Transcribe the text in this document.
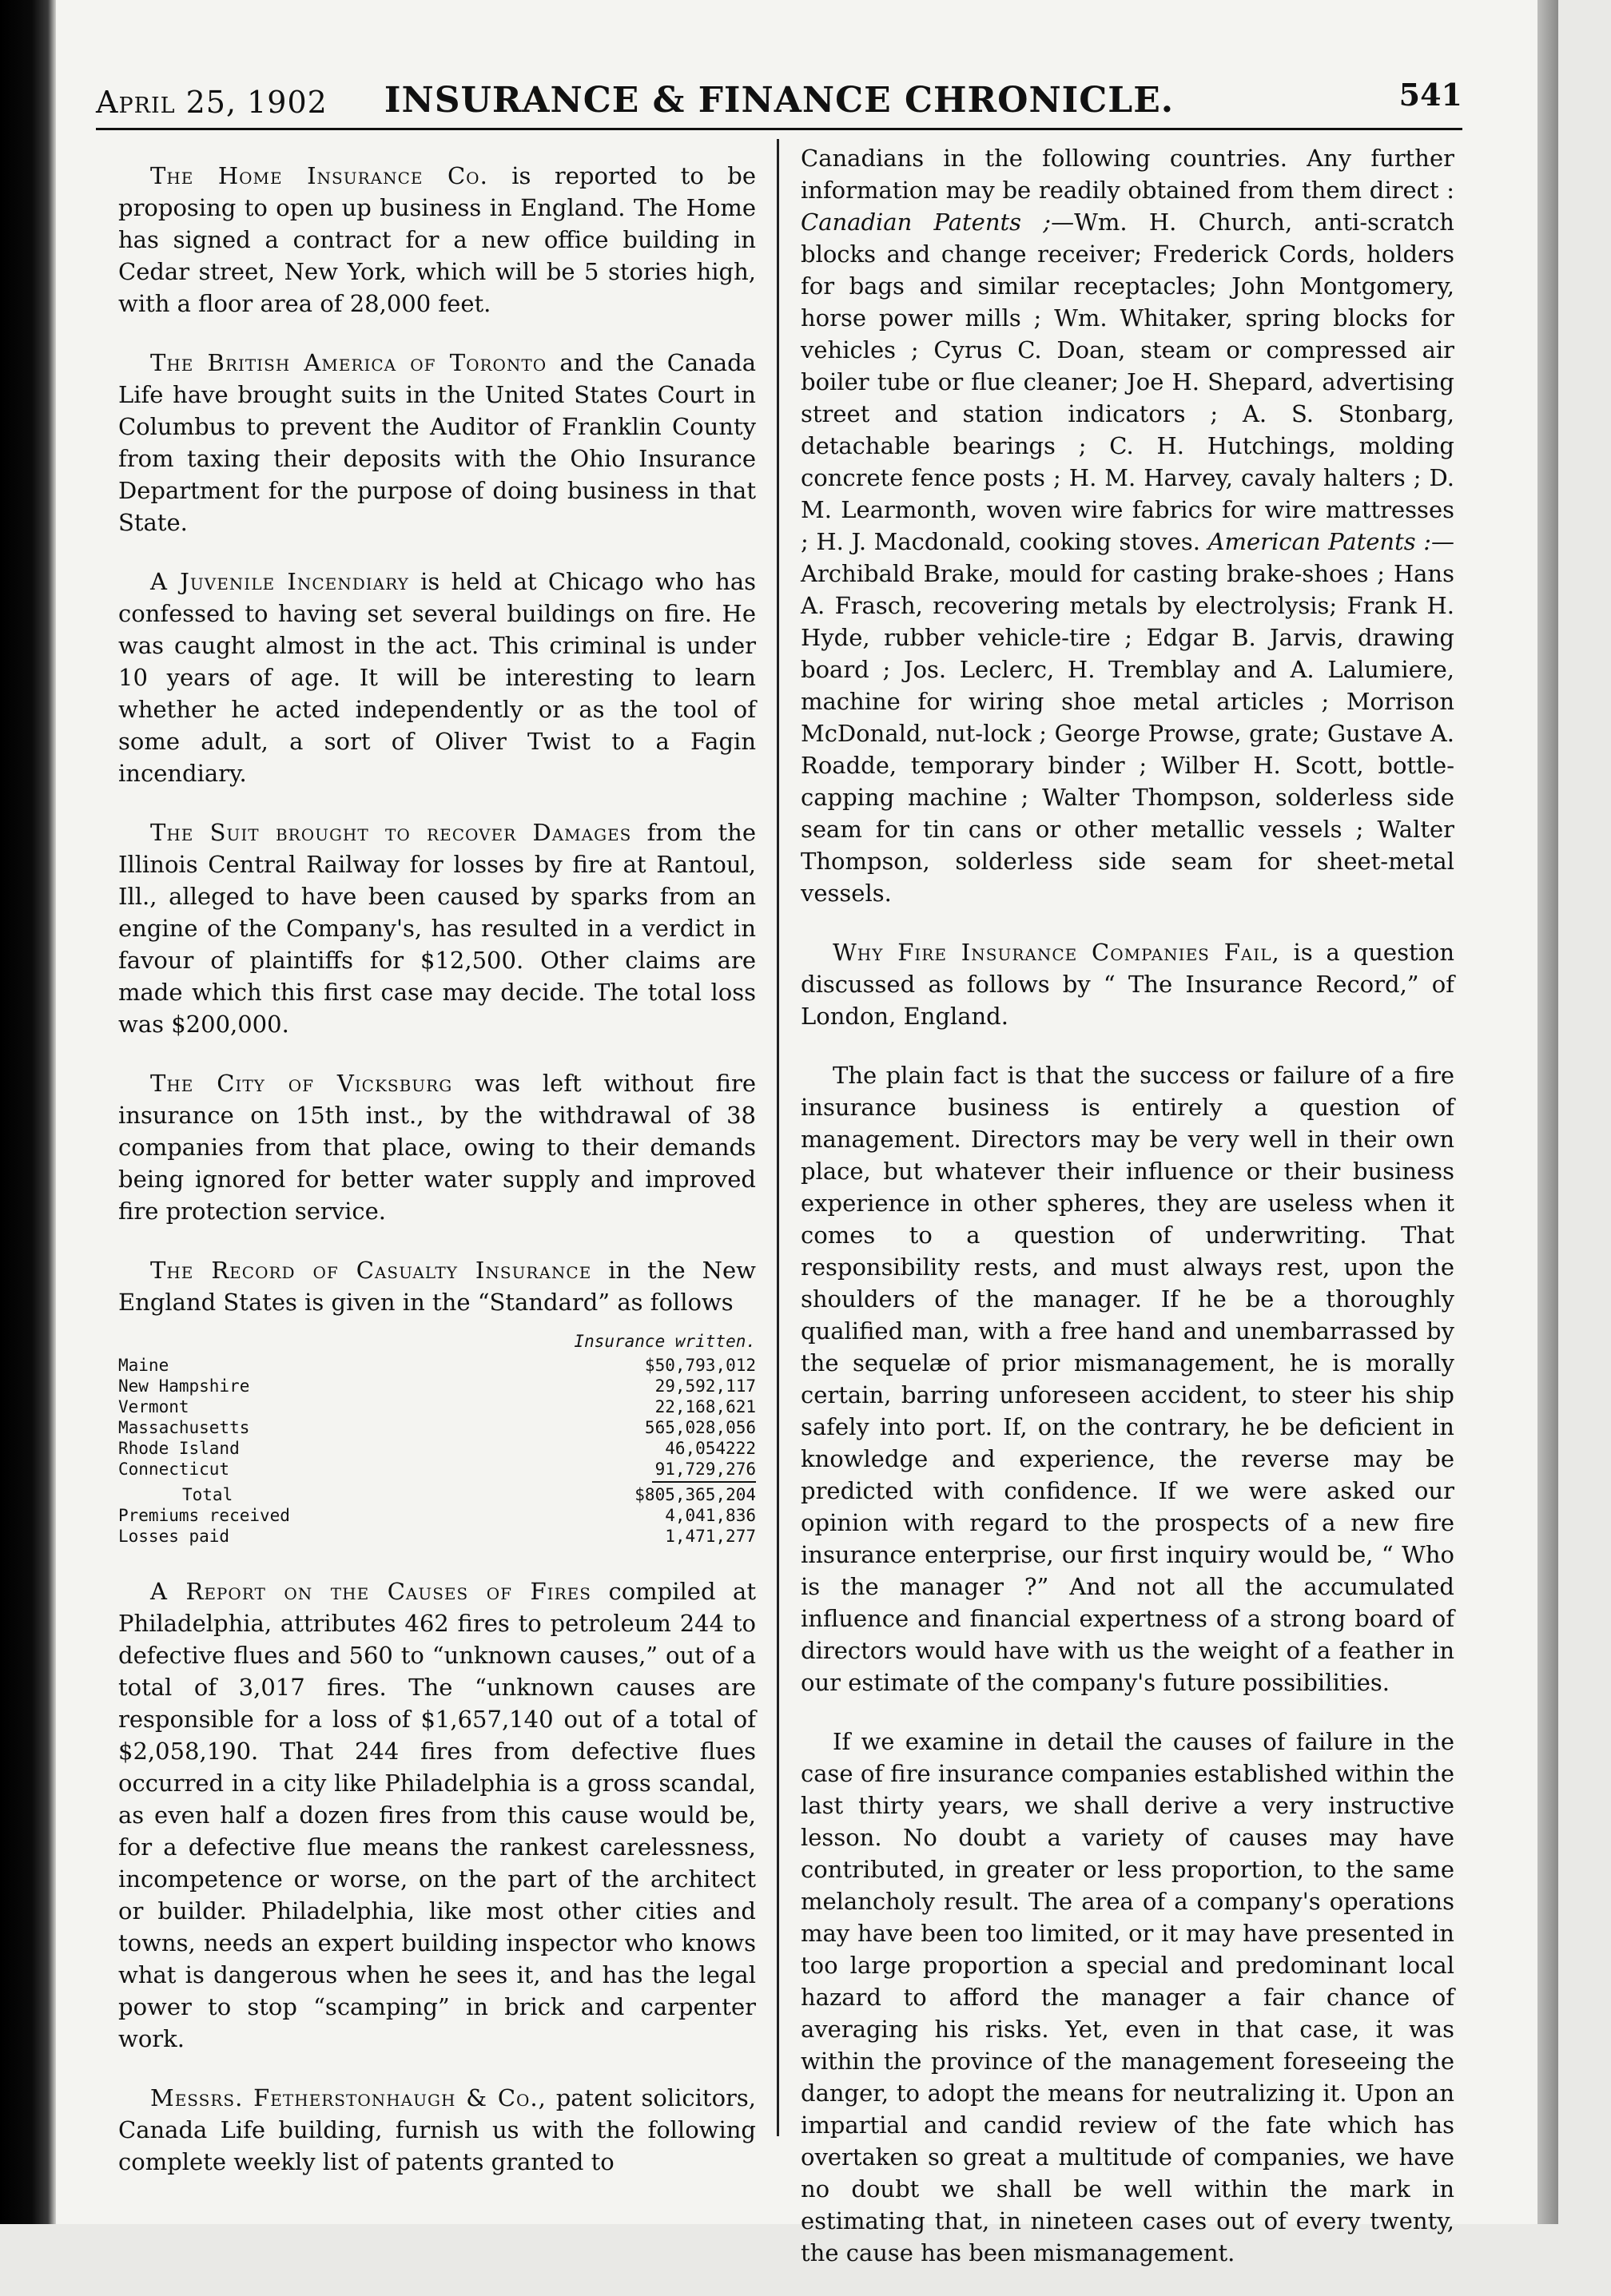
April 25, 1902	INSURANCE & FINANCE CHRONICLE.	541

The Home Insurance Co. is reported to be proposing to open up business in England. The Home has signed a contract for a new office building in Cedar street, New York, which will be 5 stories high, with a floor area of 28,000 feet.

The British America of Toronto and the Canada Life have brought suits in the United States Court in Columbus to prevent the Auditor of Franklin County from taxing their deposits with the Ohio Insurance Department for the purpose of doing business in that State.

A Juvenile Incendiary is held at Chicago who has confessed to having set several buildings on fire. He was caught almost in the act. This criminal is under 10 years of age. It will be interesting to learn whether he acted independently or as the tool of some adult, a sort of Oliver Twist to a Fagin incendiary.

The Suit brought to recover Damages from the Illinois Central Railway for losses by fire at Rantoul, Ill., alleged to have been caused by sparks from an engine of the Company's, has resulted in a verdict in favour of plaintiffs for $12,500. Other claims are made which this first case may decide. The total loss was $200,000.

The City of Vicksburg was left without fire insurance on 15th inst., by the withdrawal of 38 companies from that place, owing to their demands being ignored for better water supply and improved fire protection service.

The Record of Casualty Insurance in the New England States is given in the “Standard” as follows

Insurance written.
Maine	$50,793,012
New Hampshire	29,592,117
Vermont	22,168,621
Massachusetts	565,028,056
Rhode Island	46,054222
Connecticut	91,729,276
Total	$805,365,204
Premiums received	4,041,836
Losses paid	1,471,277

A Report on the Causes of Fires compiled at Philadelphia, attributes 462 fires to petroleum 244 to defective flues and 560 to “unknown causes,” out of a total of 3,017 fires. The “unknown causes are responsible for a loss of $1,657,140 out of a total of $2,058,190. That 244 fires from defective flues occurred in a city like Philadelphia is a gross scandal, as even half a dozen fires from this cause would be, for a defective flue means the rankest carelessness, incompetence or worse, on the part of the architect or builder. Philadelphia, like most other cities and towns, needs an expert building inspector who knows what is dangerous when he sees it, and has the legal power to stop “scamping” in brick and carpenter work.

Messrs. Fetherstonhaugh & Co., patent solicitors, Canada Life building, furnish us with the following complete weekly list of patents granted to

Canadians in the following countries. Any further information may be readily obtained from them direct : Canadian Patents ;—Wm. H. Church, anti-scratch blocks and change receiver; Frederick Cords, holders for bags and similar receptacles; John Montgomery, horse power mills ; Wm. Whitaker, spring blocks for vehicles ; Cyrus C. Doan, steam or compressed air boiler tube or flue cleaner; Joe H. Shepard, advertising street and station indicators ; A. S. Stonbarg, detachable bearings ; C. H. Hutchings, molding concrete fence posts ; H. M. Harvey, cavaly halters ; D. M. Learmonth, woven wire fabrics for wire mattresses ; H. J. Macdonald, cooking stoves. American Patents :—Archibald Brake, mould for casting brake-shoes ; Hans A. Frasch, recovering metals by electrolysis; Frank H. Hyde, rubber vehicle-tire ; Edgar B. Jarvis, drawing board ; Jos. Leclerc, H. Tremblay and A. Lalumiere, machine for wiring shoe metal articles ; Morrison McDonald, nut-lock ; George Prowse, grate; Gustave A. Roadde, temporary binder ; Wilber H. Scott, bottle-capping machine ; Walter Thompson, solderless side seam for tin cans or other metallic vessels ; Walter Thompson, solderless side seam for sheet-metal vessels.

Why Fire Insurance Companies Fail, is a question discussed as follows by “ The Insurance Record,” of London, England.

The plain fact is that the success or failure of a fire insurance business is entirely a question of management. Directors may be very well in their own place, but whatever their influence or their business experience in other spheres, they are useless when it comes to a question of underwriting. That responsibility rests, and must always rest, upon the shoulders of the manager. If he be a thoroughly qualified man, with a free hand and unembarrassed by the sequelæ of prior mismanagement, he is morally certain, barring unforeseen accident, to steer his ship safely into port. If, on the contrary, he be deficient in knowledge and experience, the reverse may be predicted with confidence. If we were asked our opinion with regard to the prospects of a new fire insurance enterprise, our first inquiry would be, “ Who is the manager ?” And not all the accumulated influence and financial expertness of a strong board of directors would have with us the weight of a feather in our estimate of the company's future possibilities.

If we examine in detail the causes of failure in the case of fire insurance companies established within the last thirty years, we shall derive a very instructive lesson. No doubt a variety of causes may have contributed, in greater or less proportion, to the same melancholy result. The area of a company's operations may have been too limited, or it may have presented in too large proportion a special and predominant local hazard to afford the manager a fair chance of averaging his risks. Yet, even in that case, it was within the province of the management foreseeing the danger, to adopt the means for neutralizing it. Upon an impartial and candid review of the fate which has overtaken so great a multitude of companies, we have no doubt we shall be well within the mark in estimating that, in nineteen cases out of every twenty, the cause has been mismanagement.
